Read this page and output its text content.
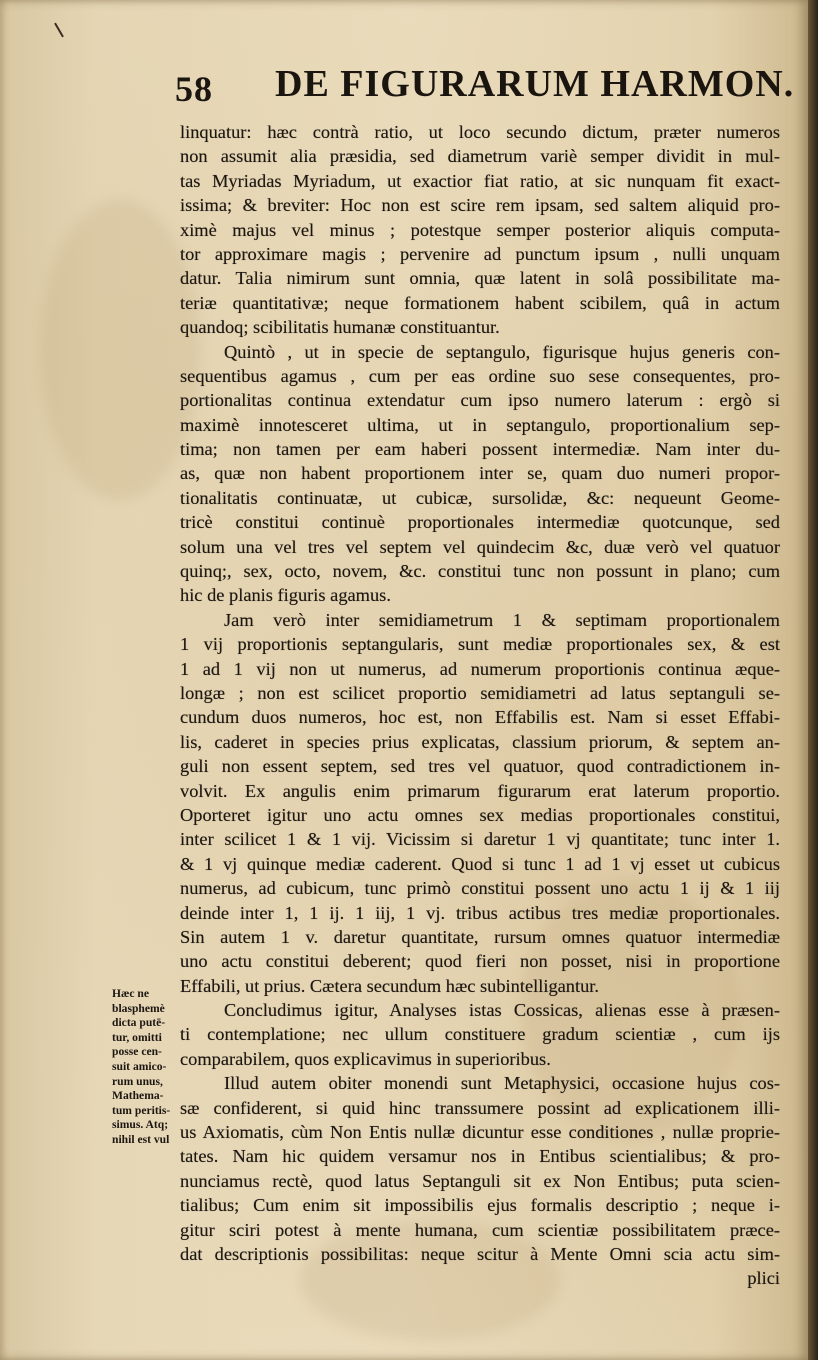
58 DE FIGURARUM HARMON.
linquatur: hæc contrà ratio, ut loco secundo dictum, præter numeros
non assumit alia præsidia, sed diametrum variè semper dividit in mul-
tas Myriadas Myriadum, ut exactior fiat ratio, at sic nunquam fit exact-
issima; & breviter: Hoc non est scire rem ipsam, sed saltem aliquid pro-
ximè majus vel minus ; potestque semper posterior aliquis computa-
tor approximare magis ; pervenire ad punctum ipsum , nulli unquam
datur. Talia nimirum sunt omnia, quæ latent in solâ possibilitate ma-
teriæ quantitativæ; neque formationem habent scibilem, quâ in actum
quandoq; scibilitatis humanæ constituantur.
Quintò , ut in specie de septangulo, figurisque hujus generis con-
sequentibus agamus , cum per eas ordine suo sese consequentes, pro-
portionalitas continua extendatur cum ipso numero laterum : ergò si
maximè innotesceret ultima, ut in septangulo, proportionalium sep-
tima; non tamen per eam haberi possent intermediæ. Nam inter du-
as, quæ non habent proportionem inter se, quam duo numeri propor-
tionalitatis continuatæ, ut cubicæ, sursolidæ, &c: nequeunt Geome-
tricè constitui continuè proportionales intermediæ quotcunque, sed
solum una vel tres vel septem vel quindecim &c, duæ verò vel quatuor
quinq;, sex, octo, novem, &c. constitui tunc non possunt in plano; cum
hic de planis figuris agamus.
Jam verò inter semidiametrum 1 & septimam proportionalem
1 vij proportionis septangularis, sunt mediæ proportionales sex, & est
1 ad 1 vij non ut numerus, ad numerum proportionis continua æque-
longæ ; non est scilicet proportio semidiametri ad latus septanguli se-
cundum duos numeros, hoc est, non Effabilis est. Nam si esset Effabi-
lis, caderet in species prius explicatas, classium priorum, & septem an-
guli non essent septem, sed tres vel quatuor, quod contradictionem in-
volvit. Ex angulis enim primarum figurarum erat laterum proportio.
Oporteret igitur uno actu omnes sex medias proportionales constitui,
inter scilicet 1 & 1 vij. Vicissim si daretur 1 vj quantitate; tunc inter 1.
& 1 vj quinque mediæ caderent. Quod si tunc 1 ad 1 vj esset ut cubicus
numerus, ad cubicum, tunc primò constitui possent uno actu 1 ij & 1 iij
deinde inter 1, 1 ij. 1 iij, 1 vj. tribus actibus tres mediæ proportionales.
Sin autem 1 v. daretur quantitate, rursum omnes quatuor intermediæ
uno actu constitui deberent; quod fieri non posset, nisi in proportione
Effabili, ut prius. Cætera secundum hæc subintelligantur.
Concludimus igitur, Analyses istas Cossicas, alienas esse à præsen-
ti contemplatione; nec ullum constituere gradum scientiæ , cum ijs
comparabilem, quos explicavimus in superioribus.
Illud autem obiter monendi sunt Metaphysici, occasione hujus cos-
sæ confiderent, si quid hinc transsumere possint ad explicationem illi-
us Axiomatis, cùm Non Entis nullæ dicuntur esse conditiones , nullæ proprie-
tates. Nam hic quidem versamur nos in Entibus scientialibus; & pro-
nunciamus rectè, quod latus Septanguli sit ex Non Entibus; puta scien-
tialibus; Cum enim sit impossibilis ejus formalis descriptio ; neque i-
gitur sciri potest à mente humana, cum scientiæ possibilitatem præce-
dat descriptionis possibilitas: neque scitur à Mente Omni scia actu sim-
plici
Hæc ne
blasphemè
dicta putē-
tur, omitti
posse cen-
suit amico-
rum unus,
Mathema-
tum peritis-
simus. Atq;
nihil est vul
